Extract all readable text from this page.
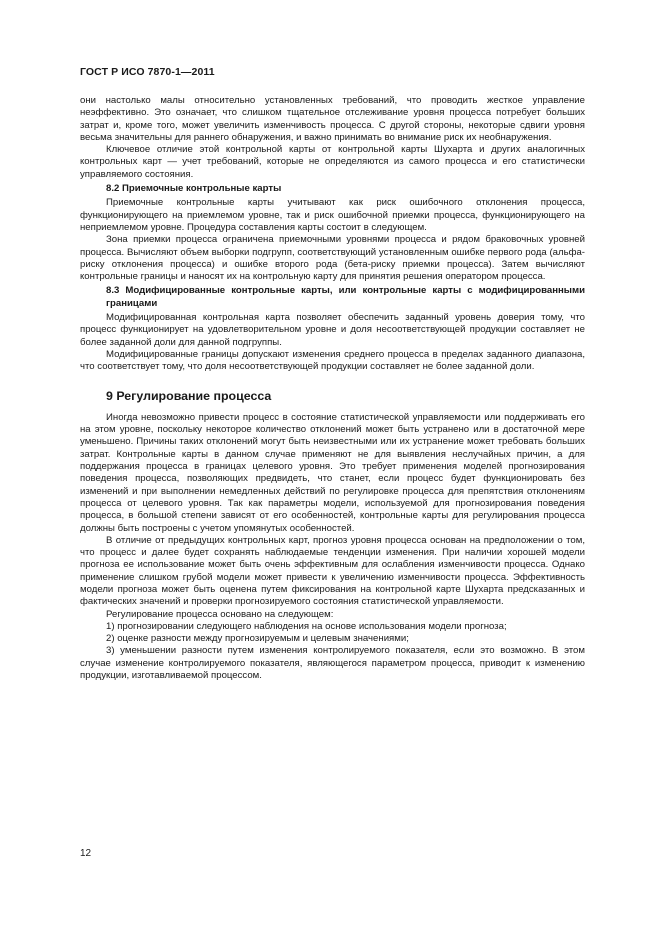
ГОСТ Р ИСО 7870-1—2011

они настолько малы относительно установленных требований, что проводить жесткое управление неэффективно. Это означает, что слишком тщательное отслеживание уровня процесса потребует больших затрат и, кроме того, может увеличить изменчивость процесса. С другой стороны, некоторые сдвиги уровня весьма значительны для раннего обнаружения, и важно принимать во внимание риск их необнаружения.

Ключевое отличие этой контрольной карты от контрольной карты Шухарта и других аналогичных контрольных карт — учет требований, которые не определяются из самого процесса и его статистически управляемого состояния.

8.2 Приемочные контрольные карты

Приемочные контрольные карты учитывают как риск ошибочного отклонения процесса, функционирующего на приемлемом уровне, так и риск ошибочной приемки процесса, функционирующего на неприемлемом уровне. Процедура составления карты состоит в следующем.

Зона приемки процесса ограничена приемочными уровнями процесса и рядом браковочных уровней процесса. Вычисляют объем выборки подгрупп, соответствующий установленным ошибке первого рода (альфа-риску отклонения процесса) и ошибке второго рода (бета-риску приемки процесса). Затем вычисляют контрольные границы и наносят их на контрольную карту для принятия решения оператором процесса.

8.3 Модифицированные контрольные карты, или контрольные карты с модифицированными границами

Модифицированная контрольная карта позволяет обеспечить заданный уровень доверия тому, что процесс функционирует на удовлетворительном уровне и доля несоответствующей продукции составляет не более заданной доли для данной подгруппы.

Модифицированные границы допускают изменения среднего процесса в пределах заданного диапазона, что соответствует тому, что доля несоответствующей продукции составляет не более заданной доли.

9 Регулирование процесса

Иногда невозможно привести процесс в состояние статистической управляемости или поддерживать его на этом уровне, поскольку некоторое количество отклонений может быть устранено или в достаточной мере уменьшено. Причины таких отклонений могут быть неизвестными или их устранение может требовать больших затрат. Контрольные карты в данном случае применяют не для выявления неслучайных причин, а для поддержания процесса в границах целевого уровня. Это требует применения моделей прогнозирования поведения процесса, позволяющих предвидеть, что станет, если процесс будет функционировать без изменений и при выполнении немедленных действий по регулировке процесса для препятствия отклонениям процесса от целевого уровня. Так как параметры модели, используемой для прогнозирования поведения процесса, в большой степени зависят от его особенностей, контрольные карты для регулирования процесса должны быть построены с учетом упомянутых особенностей.

В отличие от предыдущих контрольных карт, прогноз уровня процесса основан на предположении о том, что процесс и далее будет сохранять наблюдаемые тенденции изменения. При наличии хорошей модели прогноза ее использование может быть очень эффективным для ослабления изменчивости процесса. Однако применение слишком грубой модели может привести к увеличению изменчивости процесса. Эффективность модели прогноза может быть оценена путем фиксирования на контрольной карте Шухарта предсказанных и фактических значений и проверки прогнозируемого состояния статистической управляемости.

Регулирование процесса основано на следующем:

1) прогнозировании следующего наблюдения на основе использования модели прогноза;

2) оценке разности между прогнозируемым и целевым значениями;

3) уменьшении разности путем изменения контролируемого показателя, если это возможно. В этом случае изменение контролируемого показателя, являющегося параметром процесса, приводит к изменению продукции, изготавливаемой процессом.

12
